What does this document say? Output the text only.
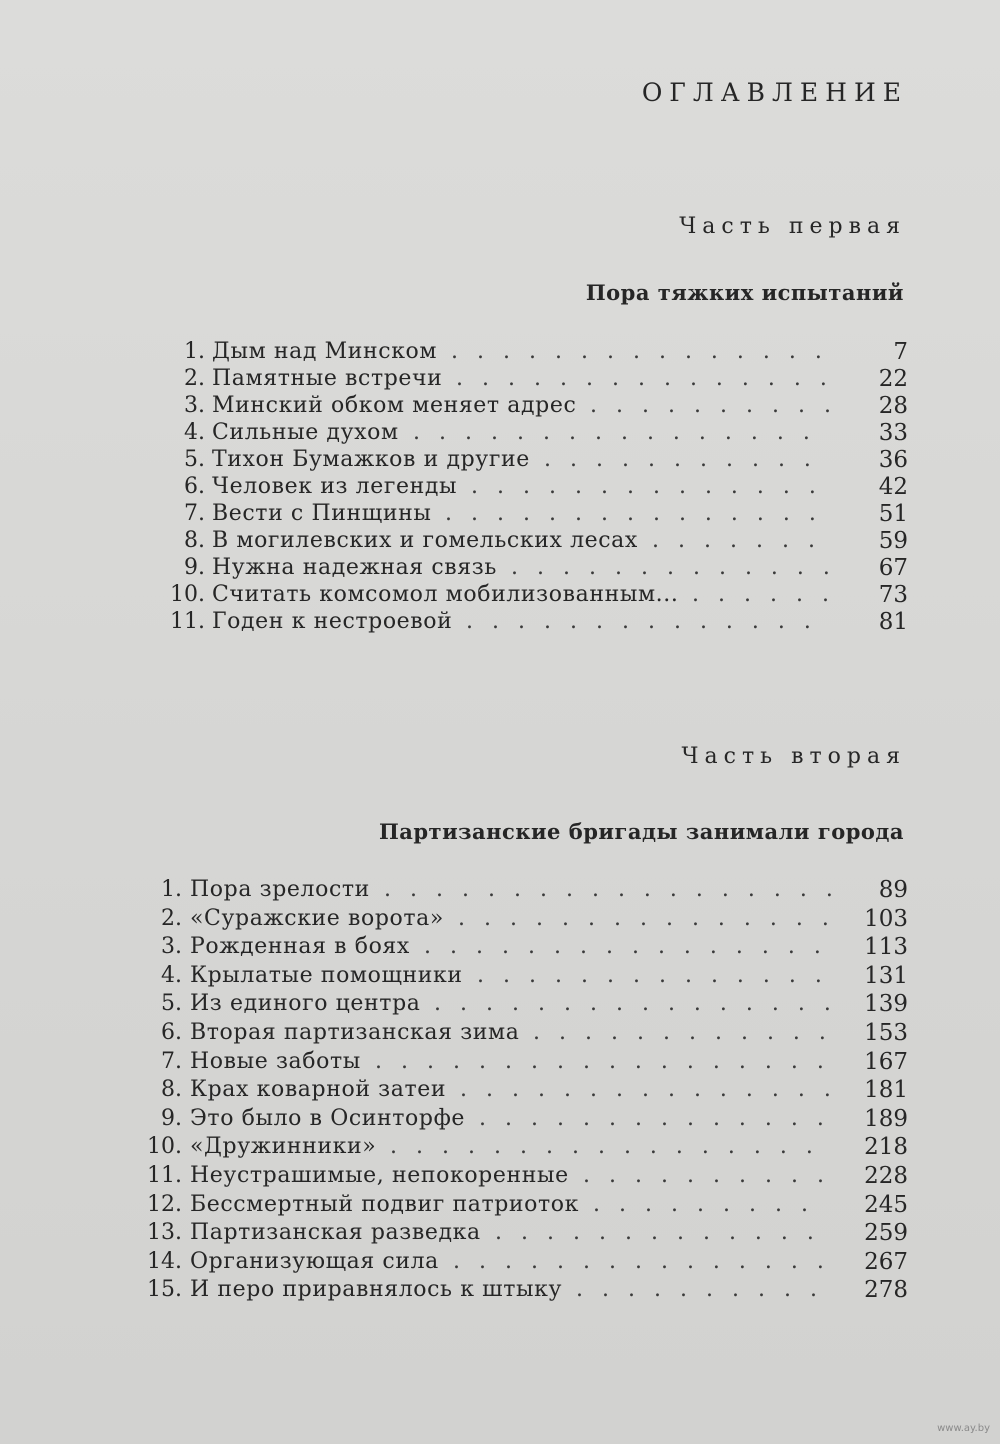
ОГЛАВЛЕНИЕ
Часть первая
Пора тяжких испытаний
1. Дым над Минском ...............	7
2. Памятные встречи ............... 22
3. Минский обком меняет адрес .......... 28
4. Сильные духом ................	33
5. Тихон Бумажков и другие ...........	36
6. Человек из легенды ..............	42
7. Вести с Пинщины ...............	51
8. В могилевских и гомельских лесах .......	59
9. Нужна надежная связь ............. 67
10. Считать комсомол мобилизованным... ...... 73
11. Годен к нестроевой ..............	81
Часть вторая
Партизанские бригады занимали города
1. Пора зрелости .................. 89
2. «Суражские ворота» ............... 103
3. Рожденная в боях ................	113
4. Крылатые помощники ..............	131
5. Из единого центра ................ 139
6. Вторая партизанская зима ............ 153
7. Новые заботы .................. 167
8. Крах коварной затеи ............... 181
9. Это было в Осинторфе .............. 189
10. «Дружинники» .................	218
11. Неустрашимые, непокоренные .......... 228
12. Бессмертный подвиг патриоток .........	245
13. Партизанская разведка .............	259
14. Организующая сила ............... 267
15. И перо приравнялось к штыку ..........	278
www.ay.by
